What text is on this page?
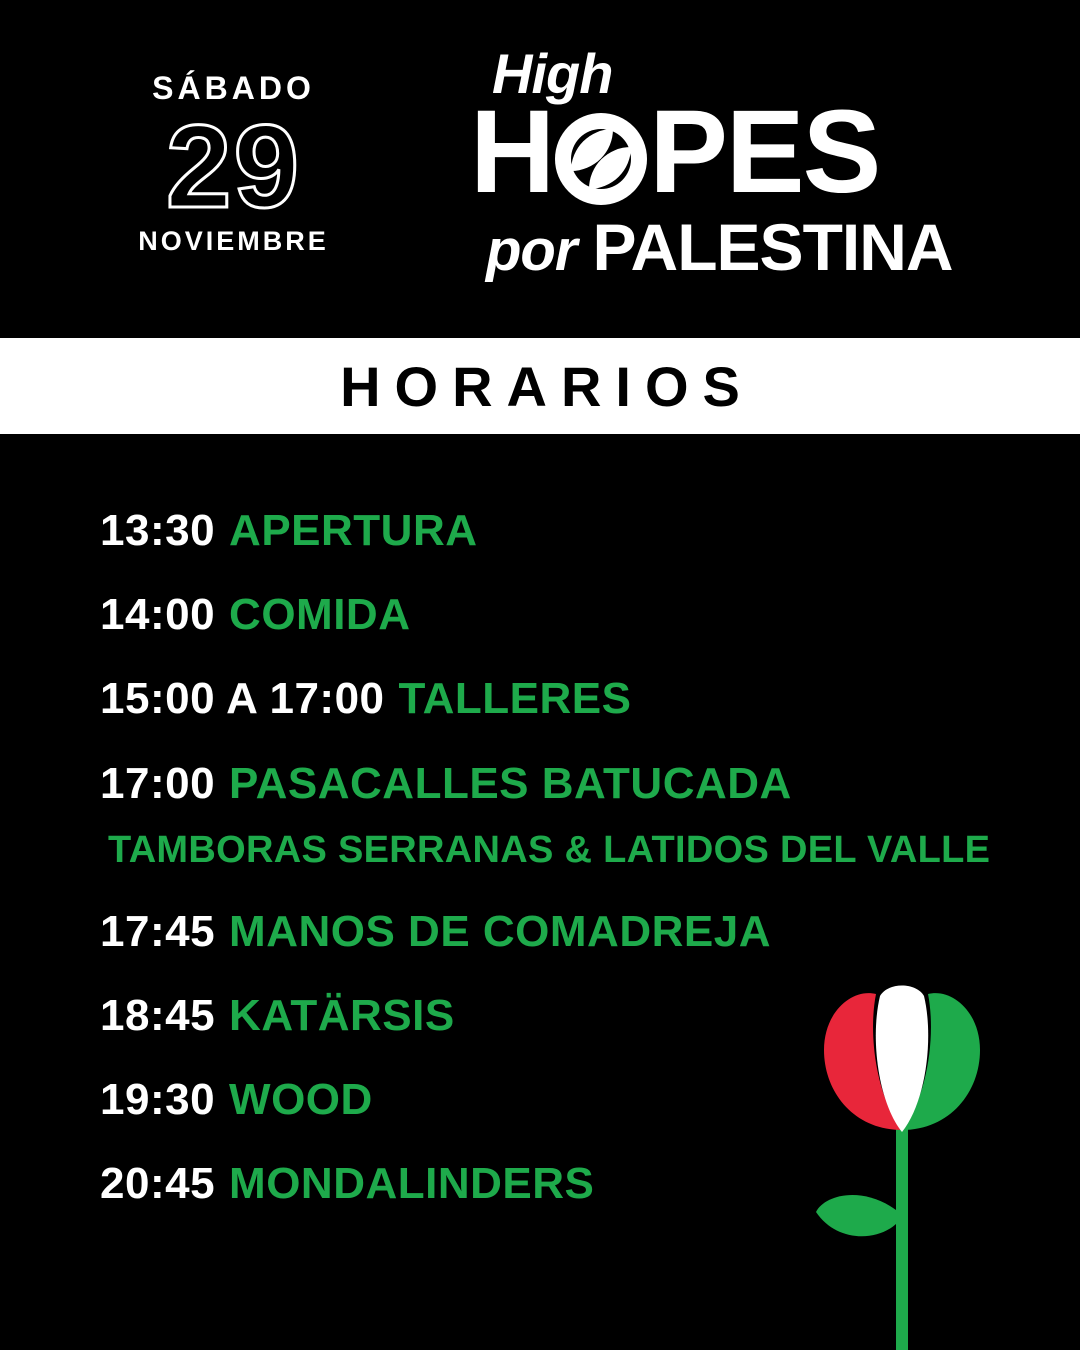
SÁBADO
29
NOVIEMBRE
High
H PES
por PALESTINA
HORARIOS
13:30 APERTURA
14:00 COMIDA
15:00 A 17:00 TALLERES
17:00 PASACALLES BATUCADA
TAMBORAS SERRANAS & LATIDOS DEL VALLE
17:45 MANOS DE COMADREJA
18:45 KATÄRSIS
19:30 WOOD
20:45 MONDALINDERS
